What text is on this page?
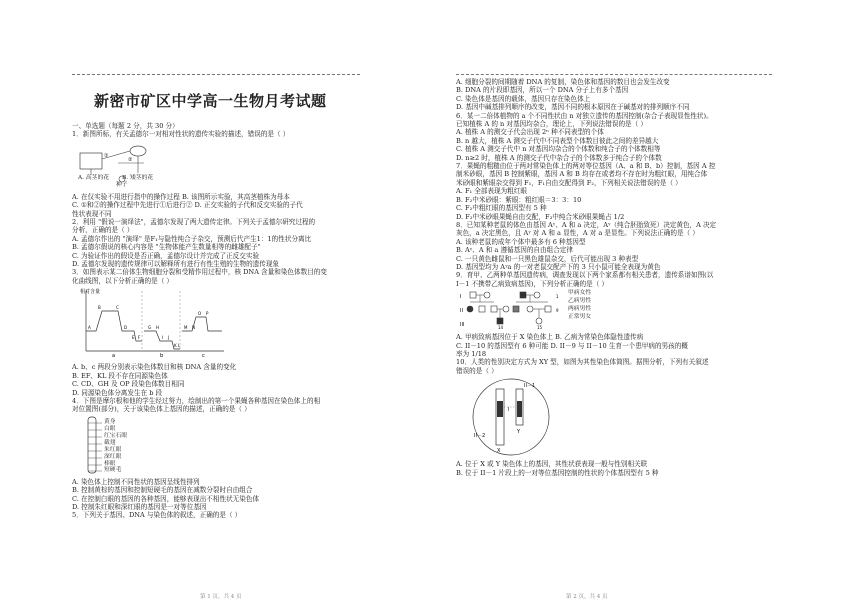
新密市矿区中学高一生物月考试题
一、单选题（每题 2 分，共 30 分）
1．新图所标，有关孟德尔一对相对性状的遗传实验的描述，错误的是（ ）
①
②
A. 高茎的花 B. 矮茎的花
种子
A. 在仅实验不用进行指中的操作过程 B. 该图所示实验，其高茎植株为母本
C. ①和②的操作过程中先进行①后进行② D. 正交实验的子代和反交实验的子代
性状表现不同
2．利用 "假说一演绎法"，孟德尔发现了两大遗传定律。下列关于孟德尔研究过程的
分析，正确的是（ ）
A. 孟德尔作出的 "演绎" 是F₁与隐性纯合子杂交，预测后代产生1：1的性状分离比
B. 孟德尔假说的核心内容是 "生物体能产生数量相等的雌雄配子"
C. 为验证作出的假设是否正确，孟德尔设计并完成了正反交实验
D. 孟德尔发现的遗传规律可以解释所有进行有性生殖的生物的遗传现象
3．如图表示某二倍体生物细胞分裂和受精作用过程中，核 DNA 含量和染色体数目的变
化曲线图，以下分析正确的是（ ）
相对含量
a	b	c
A
B	C
D
E F
G H
I J
K L
M N
O P
A. b、c 两段分别表示染色体数目和核 DNA 含量的变化
B. EF、KL 段不存在同源染色体
C. CD、GH 及 OP 段染色体数目相同
D. 同源染色体分离发生在 b 段
4．下图是摩尔根和他的学生经过努力，绘制出的第一个果蝇各种基因在染色体上的相
对位置图(部分)，关于该染色体上基因的描述，正确的是（ ）
黄身
白眼
红宝石眼
截翅
朱红眼
深红眼
棒眼
短硬毛
A. 染色体上控制不同性状的基因呈线性排列
B. 控制黄棕的基因和控制短硬毛的基因在减数分裂时自由组合
C. 在控制白眼的基因的各种基因，能够表现出不相性状无染色体
D. 控制朱红眼和深红眼的基因是一对等位基因
5．下列关于基因、DNA 与染色体的叙述，正确的是（ ）
A. 细胞分裂的间期随着 DNA 的复制，染色体和基因的数目也会发生改变
B. DNA 的片段即基因，所以一个 DNA 分子上有多个基因
C. 染色体是基因的载体，基因只存在染色体上
D. 基因中碱基排列顺序的改变，基因不同的根本原因在于碱基对的排列顺序不同
6．某一二倍体植物的 a 个不同性状由 n 对独立遗传的基因控制(杂合子表现显性性状)。
已知植株 A 的 n 对基因均杂合，理论上，下列说法错误的是（ ）
A. 植株 A 的测交子代会出现 2ⁿ 种不同表型的个体
B. n 越大，植株 A 测交子代中不同表型个体数目彼此之间的差异越大
C. 植株 A 测交子代中 n 对基因均杂合的个体数和纯合子的个体数相等
D. n≥2 时，植株 A 的测交子代中杂合子的个体数多于纯合子的个体数
7．果蝇的粗糙由位于两对常染色体上的两对等位基因（A、a 和 B、b）控制，基因 A 控
制米砂眼，基因 B 控制紫眼，基因 A 和 B 均存在或者均不存在时为粗红眼，用纯合体
米砂眼和紫眼杂交得到 F₁，F₁自由交配得到 F₂，下列相关说法错误的是（ ）
A. F₁ 全部表现为粗红眼
B. F₂中米砂眼：紫眼：粗红眼＝3：3：10
C. F₂中粗红眼的基因型有 5 种
D. F₂中米砂眼果蝇自由交配，F₃中纯合米砂眼果蝇占 1/2
8．已知某种老鼠的体色由基因 Aᵞ、A 和 a 决定，Aᵞ（纯合胚胎致死）决定黄色，A 决定
灰色，a 决定黑色，且 Aᵞ 对 A 和 a 显性，A 对 a 是显性。下列说法正确的是（ ）
A. 该种老鼠的成年个体中最多有 6 种基因型
B. Aᵞ、A 和 a 遵循基因的自由组合定律
C. 一只黄色雌鼠和一只黑色雄鼠杂交，后代可能出现 3 种表型
D. 基因型均为 Aᵞa 的一对老鼠交配产下的 3 只小鼠可能全表现为黄色
9．育甲、乙两种单基因遗传病，调查发现以下两个家系都有相关患者，遗传系谱如图(以
I－1 不携带乙病致病基因)，下列分析正确的是（ ）
I
II
III	14	15
1
9
甲病女性
乙病男性
两病男性
正常男女
A. 甲病致病基因位于 X 染色体上 B. 乙病为常染色体隐性遗传病
C. II－10 的基因型有 6 种可能 D. II－9 与 II－10 生育一个患甲病的男孩的概
率为 1/18
10．人类的性别决定方式为 XY 型，如图为其性染色体简图。据图分析，下列有关叙述
错误的是（ ）
II－1
I
II－2
X
Y
A. 位于 X 或 Y 染色体上的基因，其性状获表现一般与性别相关联
B. 位于 II－1 片段上的一对等位基因控制的性状的个体基因型有 5 种
第 1 页，共 4 页	第 2 页，共 4 页
